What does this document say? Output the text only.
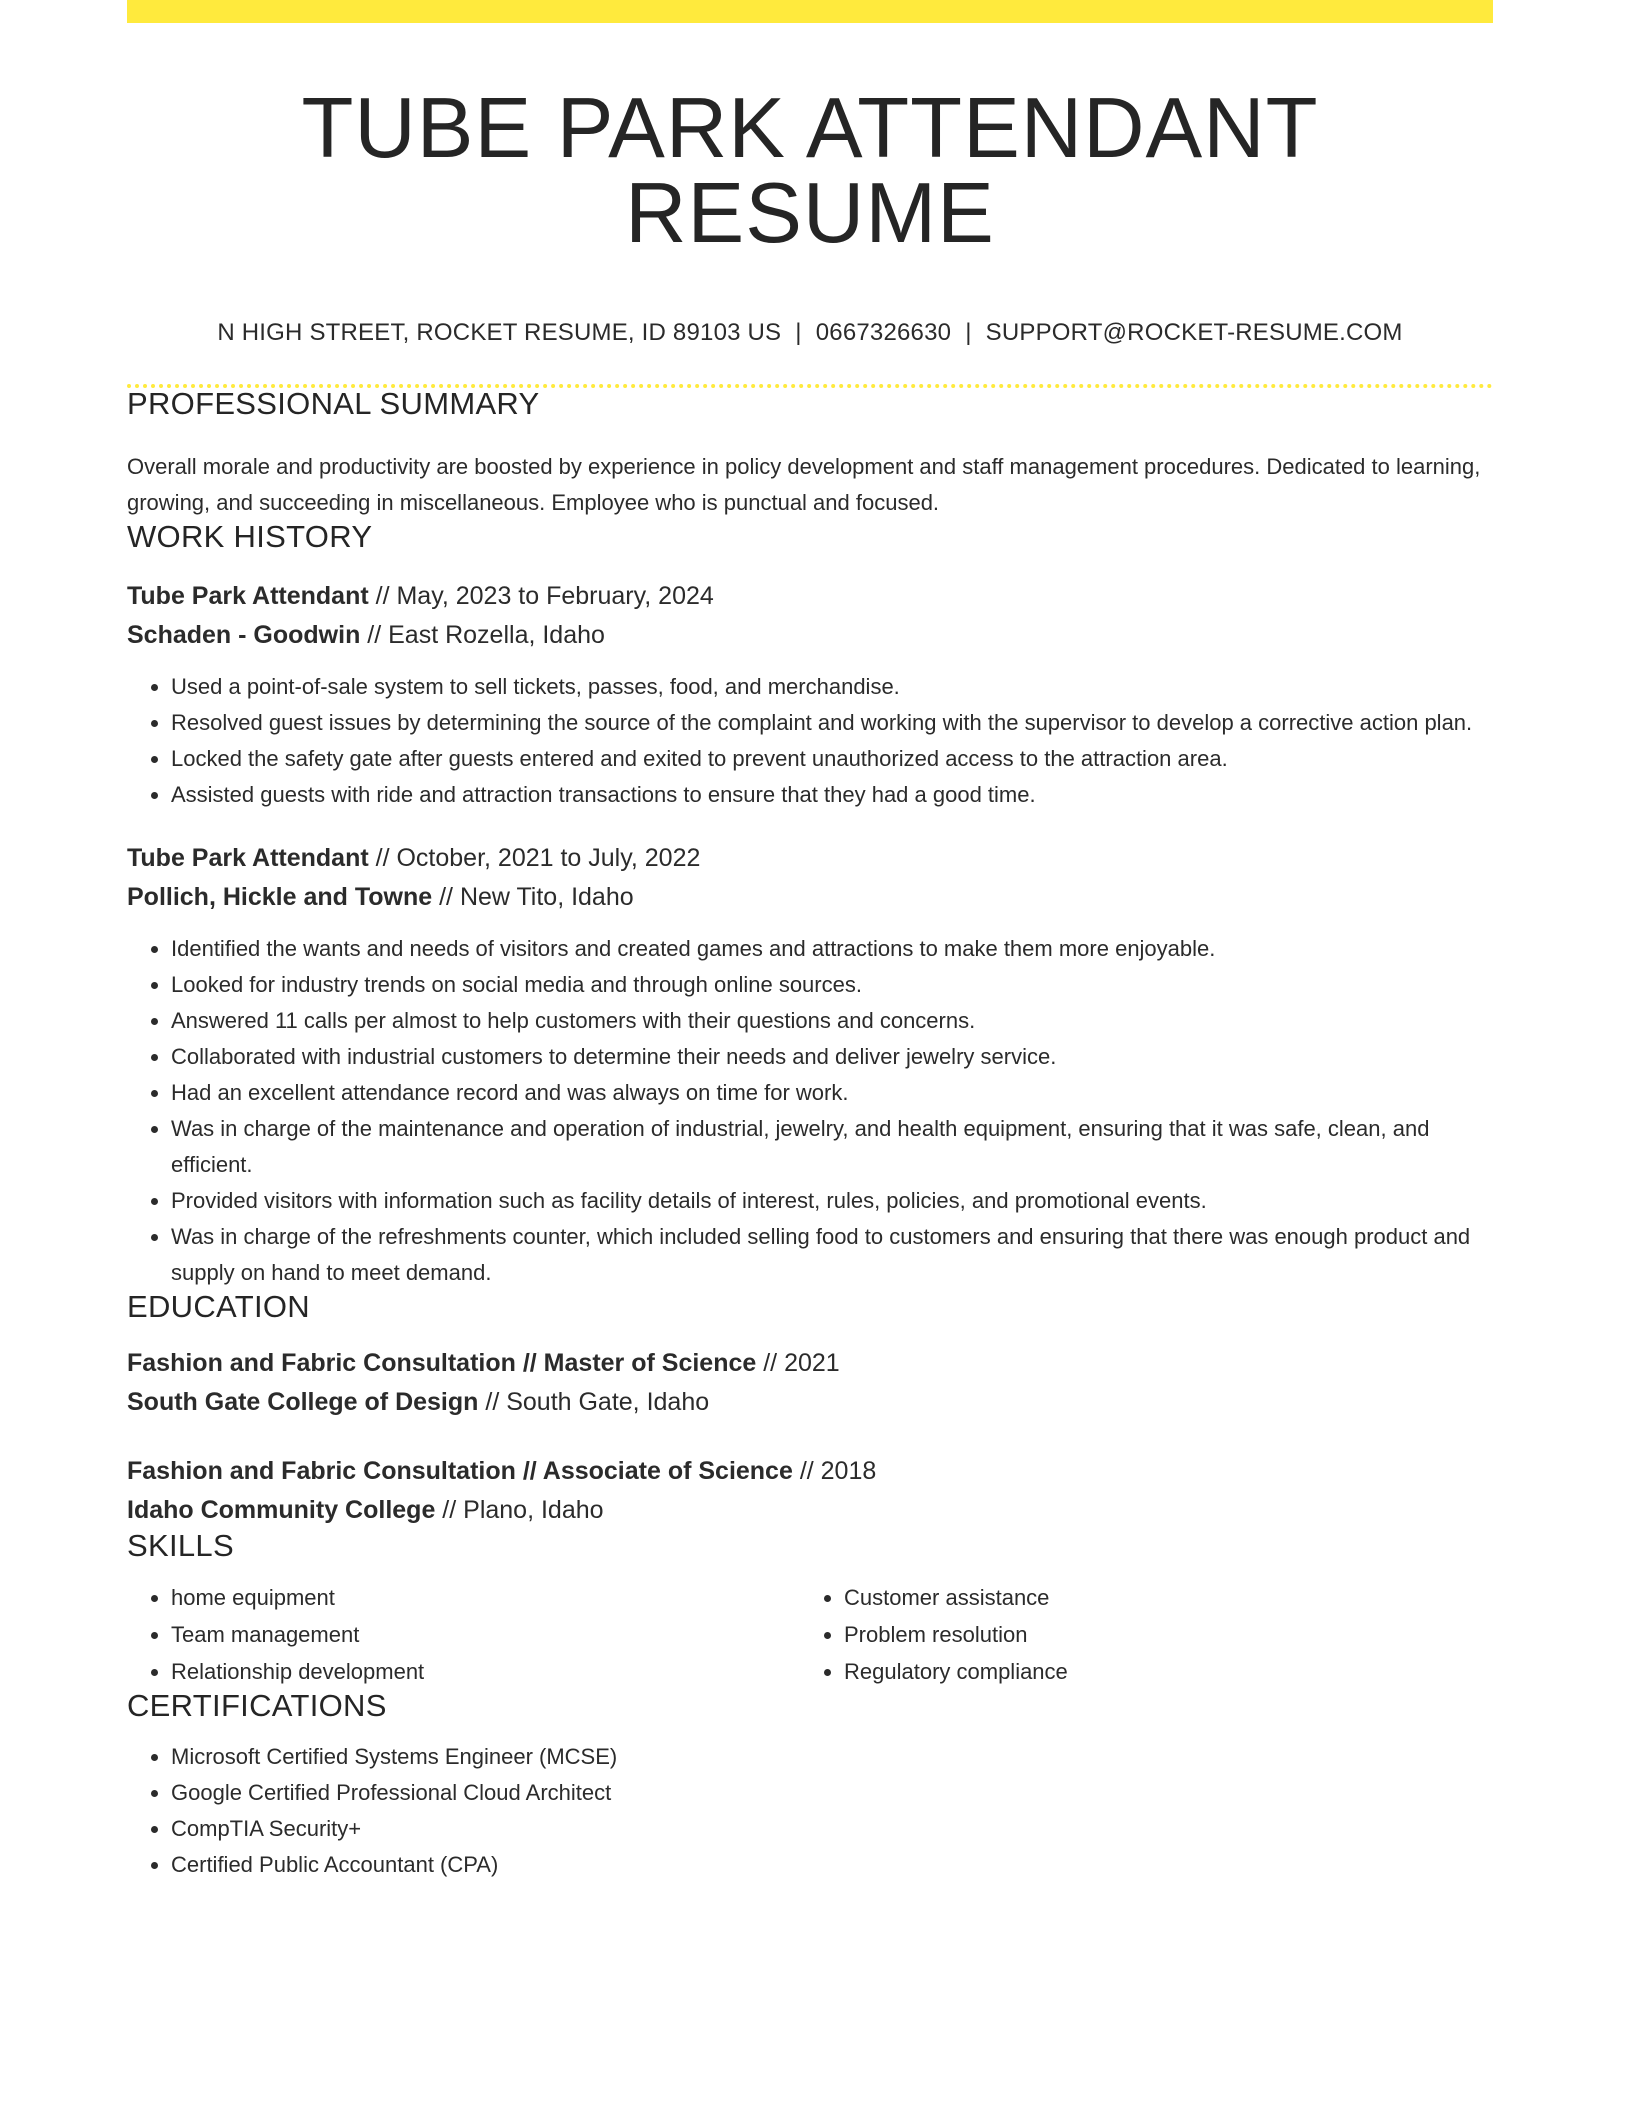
TUBE PARK ATTENDANT RESUME
N HIGH STREET, ROCKET RESUME, ID 89103 US | 0667326630 | SUPPORT@ROCKET-RESUME.COM
PROFESSIONAL SUMMARY
Overall morale and productivity are boosted by experience in policy development and staff management procedures. Dedicated to learning, growing, and succeeding in miscellaneous. Employee who is punctual and focused.
WORK HISTORY
Tube Park Attendant // May, 2023 to February, 2024
Schaden - Goodwin // East Rozella, Idaho
• Used a point-of-sale system to sell tickets, passes, food, and merchandise.
• Resolved guest issues by determining the source of the complaint and working with the supervisor to develop a corrective action plan.
• Locked the safety gate after guests entered and exited to prevent unauthorized access to the attraction area.
• Assisted guests with ride and attraction transactions to ensure that they had a good time.
Tube Park Attendant // October, 2021 to July, 2022
Pollich, Hickle and Towne // New Tito, Idaho
• Identified the wants and needs of visitors and created games and attractions to make them more enjoyable.
• Looked for industry trends on social media and through online sources.
• Answered 11 calls per almost to help customers with their questions and concerns.
• Collaborated with industrial customers to determine their needs and deliver jewelry service.
• Had an excellent attendance record and was always on time for work.
• Was in charge of the maintenance and operation of industrial, jewelry, and health equipment, ensuring that it was safe, clean, and efficient.
• Provided visitors with information such as facility details of interest, rules, policies, and promotional events.
• Was in charge of the refreshments counter, which included selling food to customers and ensuring that there was enough product and supply on hand to meet demand.
EDUCATION
Fashion and Fabric Consultation // Master of Science // 2021
South Gate College of Design // South Gate, Idaho
Fashion and Fabric Consultation // Associate of Science // 2018
Idaho Community College // Plano, Idaho
SKILLS
• home equipment
• Team management
• Relationship development
• Customer assistance
• Problem resolution
• Regulatory compliance
CERTIFICATIONS
• Microsoft Certified Systems Engineer (MCSE)
• Google Certified Professional Cloud Architect
• CompTIA Security+
• Certified Public Accountant (CPA)
